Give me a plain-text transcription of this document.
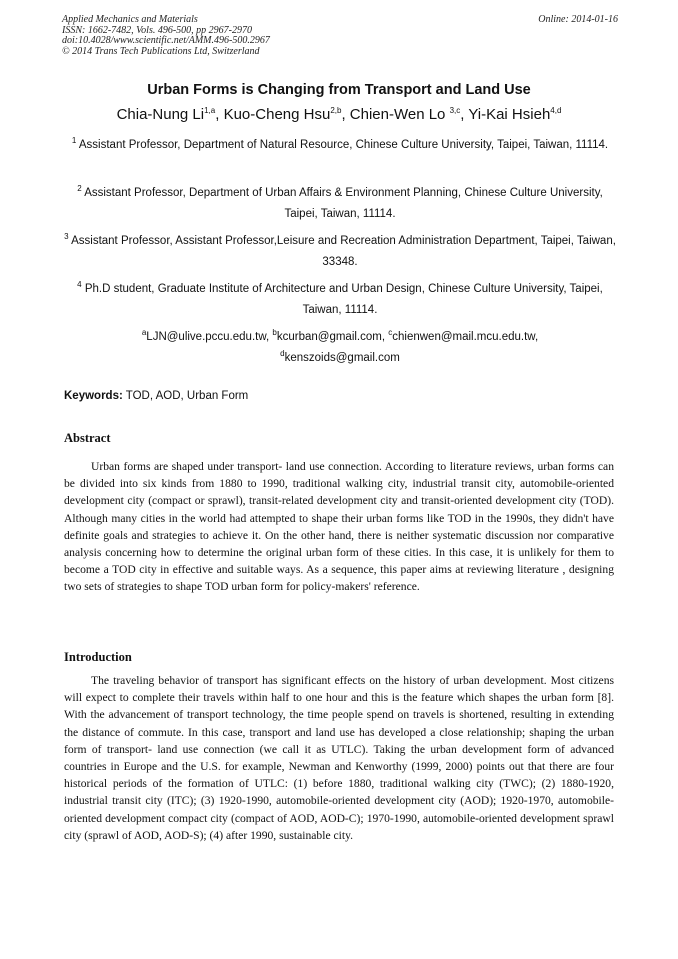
Applied Mechanics and Materials
ISSN: 1662-7482, Vols. 496-500, pp 2967-2970
doi:10.4028/www.scientific.net/AMM.496-500.2967
© 2014 Trans Tech Publications Ltd, Switzerland
Online: 2014-01-16
Urban Forms is Changing from Transport and Land Use
Chia-Nung Li$^{1,a}$, Kuo-Cheng Hsu$^{2,b}$, Chien-Wen Lo $^{3,c}$, Yi-Kai Hsieh$^{4,d}$
$^1$ Assistant Professor, Department of Natural Resource, Chinese Culture University, Taipei, Taiwan, 11114.
$^2$ Assistant Professor, Department of Urban Affairs & Environment Planning, Chinese Culture University, Taipei, Taiwan, 11114.
$^3$ Assistant Professor, Assistant Professor,Leisure and Recreation Administration Department, Taipei, Taiwan, 33348.
$^4$ Ph.D student, Graduate Institute of Architecture and Urban Design, Chinese Culture University, Taipei, Taiwan, 11114.
$^a$LJN@ulive.pccu.edu.tw, $^b$kcurban@gmail.com, $^c$chienwen@mail.mcu.edu.tw,
$^d$kenszoids@gmail.com
Keywords: TOD, AOD, Urban Form
Abstract
Urban forms are shaped under transport- land use connection. According to literature reviews, urban forms can be divided into six kinds from 1880 to 1990, traditional walking city, industrial transit city, automobile-oriented development city (compact or sprawl), transit-related development city and transit-oriented development city (TOD). Although many cities in the world had attempted to shape their urban forms like TOD in the 1990s, they didn't have definite goals and strategies to achieve it. On the other hand, there is neither systematic discussion nor comparative analysis concerning how to determine the original urban form of these cities. In this case, it is unlikely for them to become a TOD city in effective and suitable ways. As a sequence, this paper aims at reviewing literature , designing two sets of strategies to shape TOD urban form for policy-makers' reference.
Introduction
The traveling behavior of transport has significant effects on the history of urban development. Most citizens will expect to complete their travels within half to one hour and this is the feature which shapes the urban form [8]. With the advancement of transport technology, the time people spend on travels is shortened, resulting in extending the distance of commute. In this case, transport and land use has developed a close relationship; shaping the urban form of transport- land use connection (we call it as UTLC). Taking the urban development form of advanced countries in Europe and the U.S. for example, Newman and Kenworthy (1999, 2000) points out that there are four historical periods of the formation of UTLC: (1) before 1880, traditional walking city (TWC); (2) 1880-1920, industrial transit city (ITC); (3) 1920-1990, automobile-oriented development city (AOD); 1920-1970, automobile-oriented development compact city (compact of AOD, AOD-C); 1970-1990, automobile-oriented development sprawl city (sprawl of AOD, AOD-S); (4) after 1990, sustainable city.
